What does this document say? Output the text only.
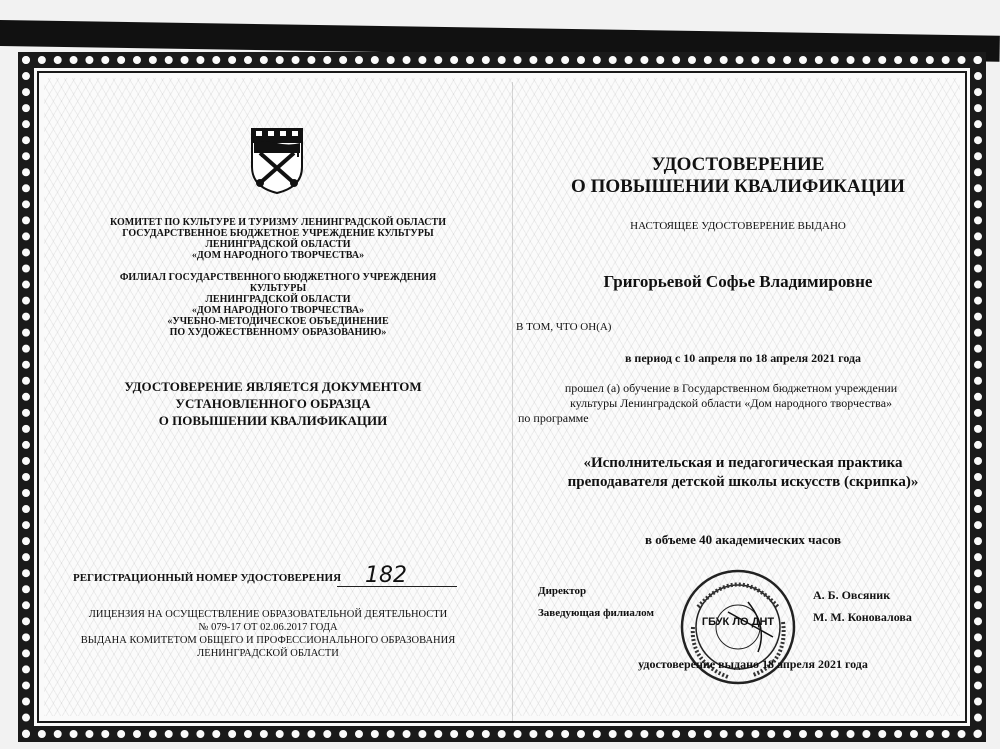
КОМИТЕТ ПО КУЛЬТУРЕ И ТУРИЗМУ ЛЕНИНГРАДСКОЙ ОБЛАСТИ
ГОСУДАРСТВЕННОЕ БЮДЖЕТНОЕ УЧРЕЖДЕНИЕ КУЛЬТУРЫ
ЛЕНИНГРАДСКОЙ ОБЛАСТИ
«ДОМ НАРОДНОГО ТВОРЧЕСТВА»
ФИЛИАЛ ГОСУДАРСТВЕННОГО БЮДЖЕТНОГО УЧРЕЖДЕНИЯ КУЛЬТУРЫ
ЛЕНИНГРАДСКОЙ ОБЛАСТИ
«ДОМ НАРОДНОГО ТВОРЧЕСТВА»
«УЧЕБНО-МЕТОДИЧЕСКОЕ ОБЪЕДИНЕНИЕ
ПО ХУДОЖЕСТВЕННОМУ ОБРАЗОВАНИЮ»
УДОСТОВЕРЕНИЕ ЯВЛЯЕТСЯ ДОКУМЕНТОМ
УСТАНОВЛЕННОГО ОБРАЗЦА
О ПОВЫШЕНИИ КВАЛИФИКАЦИИ
РЕГИСТРАЦИОННЫЙ НОМЕР УДОСТОВЕРЕНИЯ 182
ЛИЦЕНЗИЯ НА ОСУЩЕСТВЛЕНИЕ ОБРАЗОВАТЕЛЬНОЙ ДЕЯТЕЛЬНОСТИ
№ 079-17 ОТ 02.06.2017 ГОДА
ВЫДАНА КОМИТЕТОМ ОБЩЕГО И ПРОФЕССИОНАЛЬНОГО ОБРАЗОВАНИЯ
ЛЕНИНГРАДСКОЙ ОБЛАСТИ
УДОСТОВЕРЕНИЕ
О ПОВЫШЕНИИ КВАЛИФИКАЦИИ
НАСТОЯЩЕЕ УДОСТОВЕРЕНИЕ ВЫДАНО
Григорьевой Софье Владимировне
В ТОМ, ЧТО ОН(А)
в период с 10 апреля по 18 апреля 2021 года
прошел (а) обучение в Государственном бюджетном учреждении
культуры Ленинградской области «Дом народного творчества»
по программе
«Исполнительская и педагогическая практика
преподавателя детской школы искусств (скрипка)»
в объеме 40 академических часов
ГБУК ЛО ДНТ
Директор
Заведующая филиалом
А. Б. Овсяник
М. М. Коновалова
удостоверение выдано 18 апреля 2021 года
